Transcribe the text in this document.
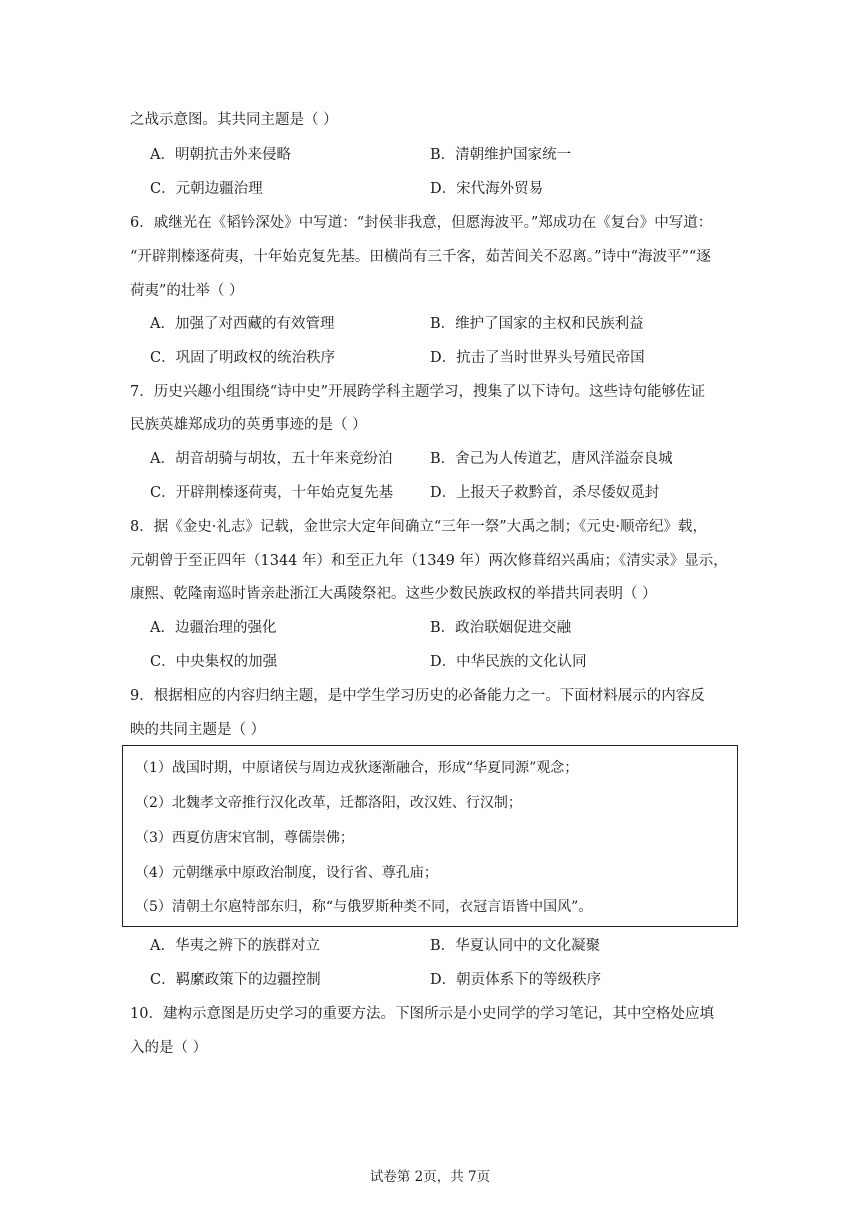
之战示意图。其共同主题是（ ）
A．明朝抗击外来侵略	B．清朝维护国家统一
C．元朝边疆治理	D．宋代海外贸易
6．戚继光在《韬钤深处》中写道：“封侯非我意，但愿海波平。”郑成功在《复台》中写道：
“开辟荆榛逐荷夷，十年始克复先基。田横尚有三千客，茹苦间关不忍离。”诗中“海波平”“逐
荷夷”的壮举（ ）
A．加强了对西藏的有效管理	B．维护了国家的主权和民族利益
C．巩固了明政权的统治秩序	D．抗击了当时世界头号殖民帝国
7．历史兴趣小组围绕“诗中史”开展跨学科主题学习，搜集了以下诗句。这些诗句能够佐证
民族英雄郑成功的英勇事迹的是（ ）
A．胡音胡骑与胡妆，五十年来竞纷泊	B．舍己为人传道艺，唐风洋溢奈良城
C．开辟荆榛逐荷夷，十年始克复先基	D．上报天子救黔首，杀尽倭奴觅封
8．据《金史·礼志》记载，金世宗大定年间确立“三年一祭”大禹之制；《元史·顺帝纪》载，
元朝曾于至正四年（1344 年）和至正九年（1349 年）两次修葺绍兴禹庙；《清实录》显示，
康熙、乾隆南巡时皆亲赴浙江大禹陵祭祀。这些少数民族政权的举措共同表明（ ）
A．边疆治理的强化	B．政治联姻促进交融
C．中央集权的加强	D．中华民族的文化认同
9．根据相应的内容归纳主题，是中学生学习历史的必备能力之一。下面材料展示的内容反
映的共同主题是（ ）
（1）战国时期，中原诸侯与周边戎狄逐渐融合，形成“华夏同源”观念；
（2）北魏孝文帝推行汉化改革，迁都洛阳，改汉姓、行汉制；
（3）西夏仿唐宋官制，尊儒崇佛；
（4）元朝继承中原政治制度，设行省、尊孔庙；
（5）清朝土尔扈特部东归，称“与俄罗斯种类不同，衣冠言语皆中国风”。
A．华夷之辨下的族群对立	B．华夏认同中的文化凝聚
C．羁縻政策下的边疆控制	D．朝贡体系下的等级秩序
10．建构示意图是历史学习的重要方法。下图所示是小史同学的学习笔记，其中空格处应填
入的是（ ）
试卷第 2页，共 7页
